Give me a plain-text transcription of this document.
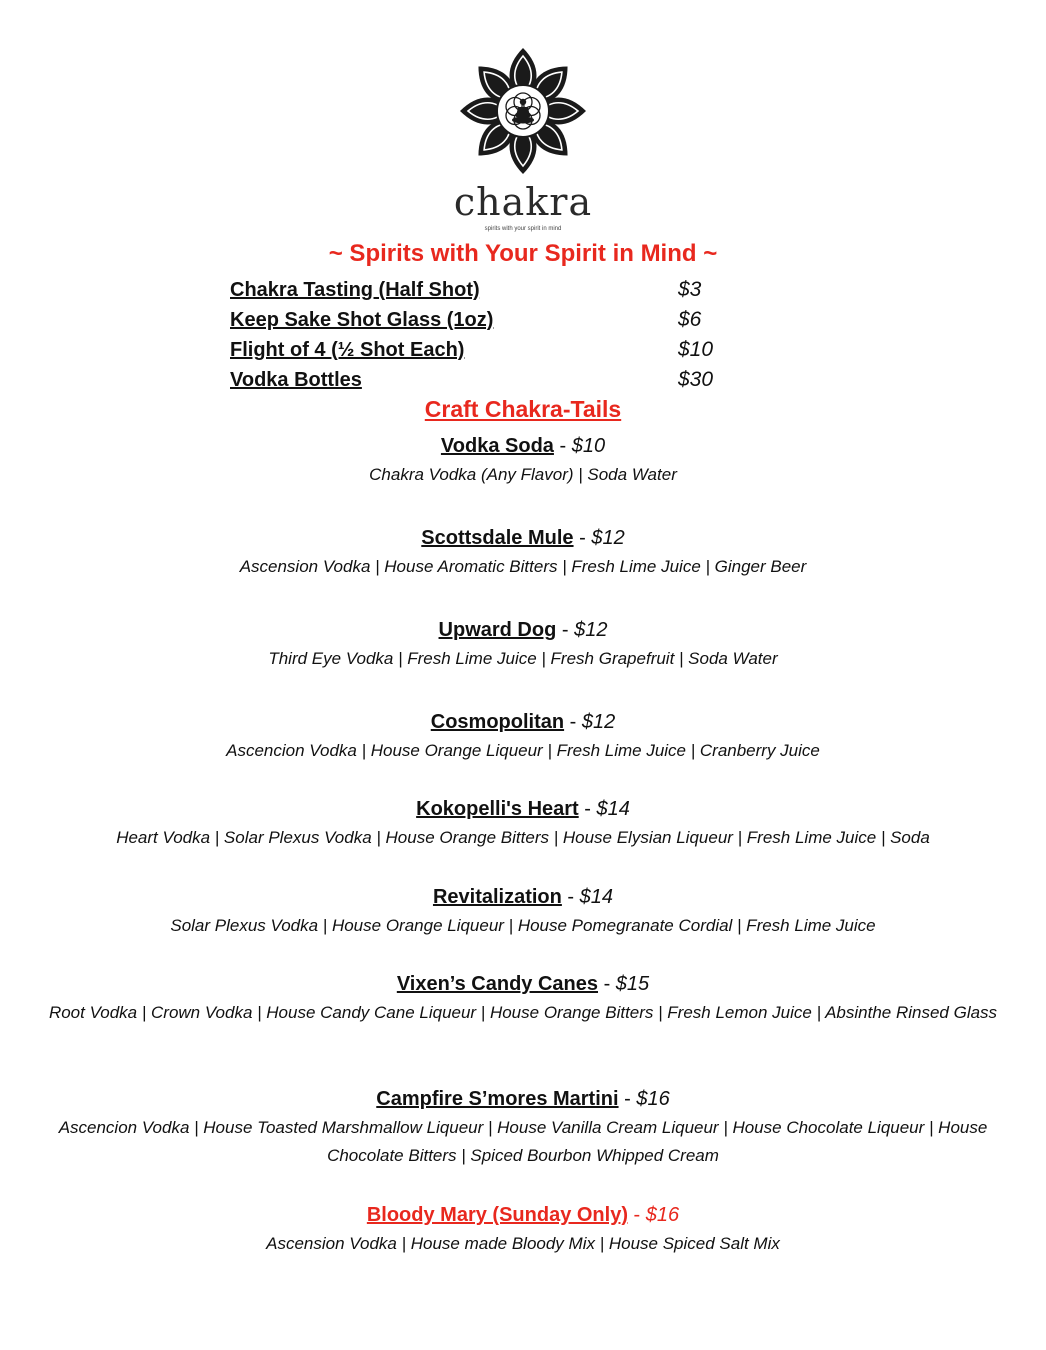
chakra
spirits with your spirit in mind
~ Spirits with Your Spirit in Mind ~
Chakra Tasting (Half Shot)	$3
Keep Sake Shot Glass (1oz)	$6
Flight of 4 (½ Shot Each)	$10
Vodka Bottles	$30
Craft Chakra-Tails
Vodka Soda - $10
Chakra Vodka (Any Flavor) | Soda Water
Scottsdale Mule - $12
Ascension Vodka | House Aromatic Bitters | Fresh Lime Juice | Ginger Beer
Upward Dog - $12
Third Eye Vodka | Fresh Lime Juice | Fresh Grapefruit | Soda Water
Cosmopolitan - $12
Ascencion Vodka | House Orange Liqueur | Fresh Lime Juice | Cranberry Juice
Kokopelli's Heart - $14
Heart Vodka | Solar Plexus Vodka | House Orange Bitters | House Elysian Liqueur | Fresh Lime Juice | Soda
Revitalization - $14
Solar Plexus Vodka | House Orange Liqueur | House Pomegranate Cordial | Fresh Lime Juice
Vixen’s Candy Canes - $15
Root Vodka | Crown Vodka | House Candy Cane Liqueur | House Orange Bitters | Fresh Lemon Juice | Absinthe Rinsed Glass
Campfire S’mores Martini - $16
Ascencion Vodka | House Toasted Marshmallow Liqueur | House Vanilla Cream Liqueur | House Chocolate Liqueur | House Chocolate Bitters | Spiced Bourbon Whipped Cream
Bloody Mary (Sunday Only) - $16
Ascension Vodka | House made Bloody Mix | House Spiced Salt Mix
